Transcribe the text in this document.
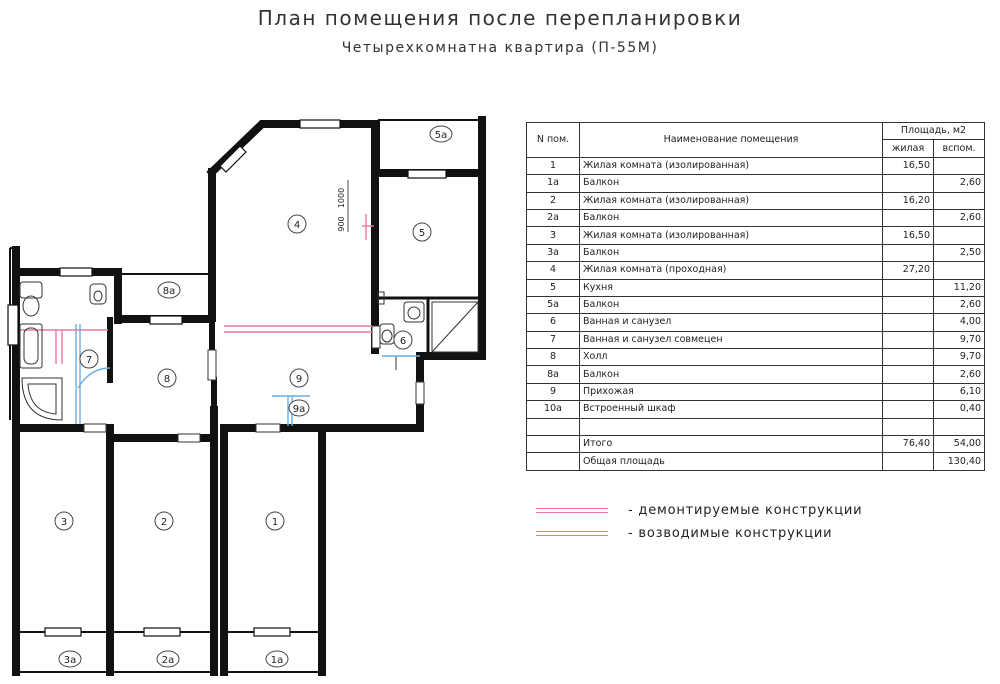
План помещения после перепланировки
Четырехкомнатна квартира (П-55М)
4
5
5а
8а
7
8	9
9а
6
3	2	1
3а	2а	1а
1000
900
N пом.	Наименование помещения	Площадь, м2	
		жилая	вспом.
1	Жилая комната (изолированная)	16,50	
1а	Балкон		2,60
2	Жилая комната (изолированная)	16,20	
2а	Балкон		2,60
3	Жилая комната (изолированная)	16,50	
3а	Балкон		2,50
4	Жилая комната (проходная)	27,20	
5	Кухня		11,20
5а	Балкон		2,60
6	Ванная и санузел		4,00
7	Ванная и санузел совмецен		9,70
8	Холл		9,70
8а	Балкон		2,60
9	Прихожая		6,10
10а	Встроенный шкаф		0,40

	Итого	76,40	54,00
	Общая площадь		130,40
- демонтируемые конструкции
- возводимые конструкции
